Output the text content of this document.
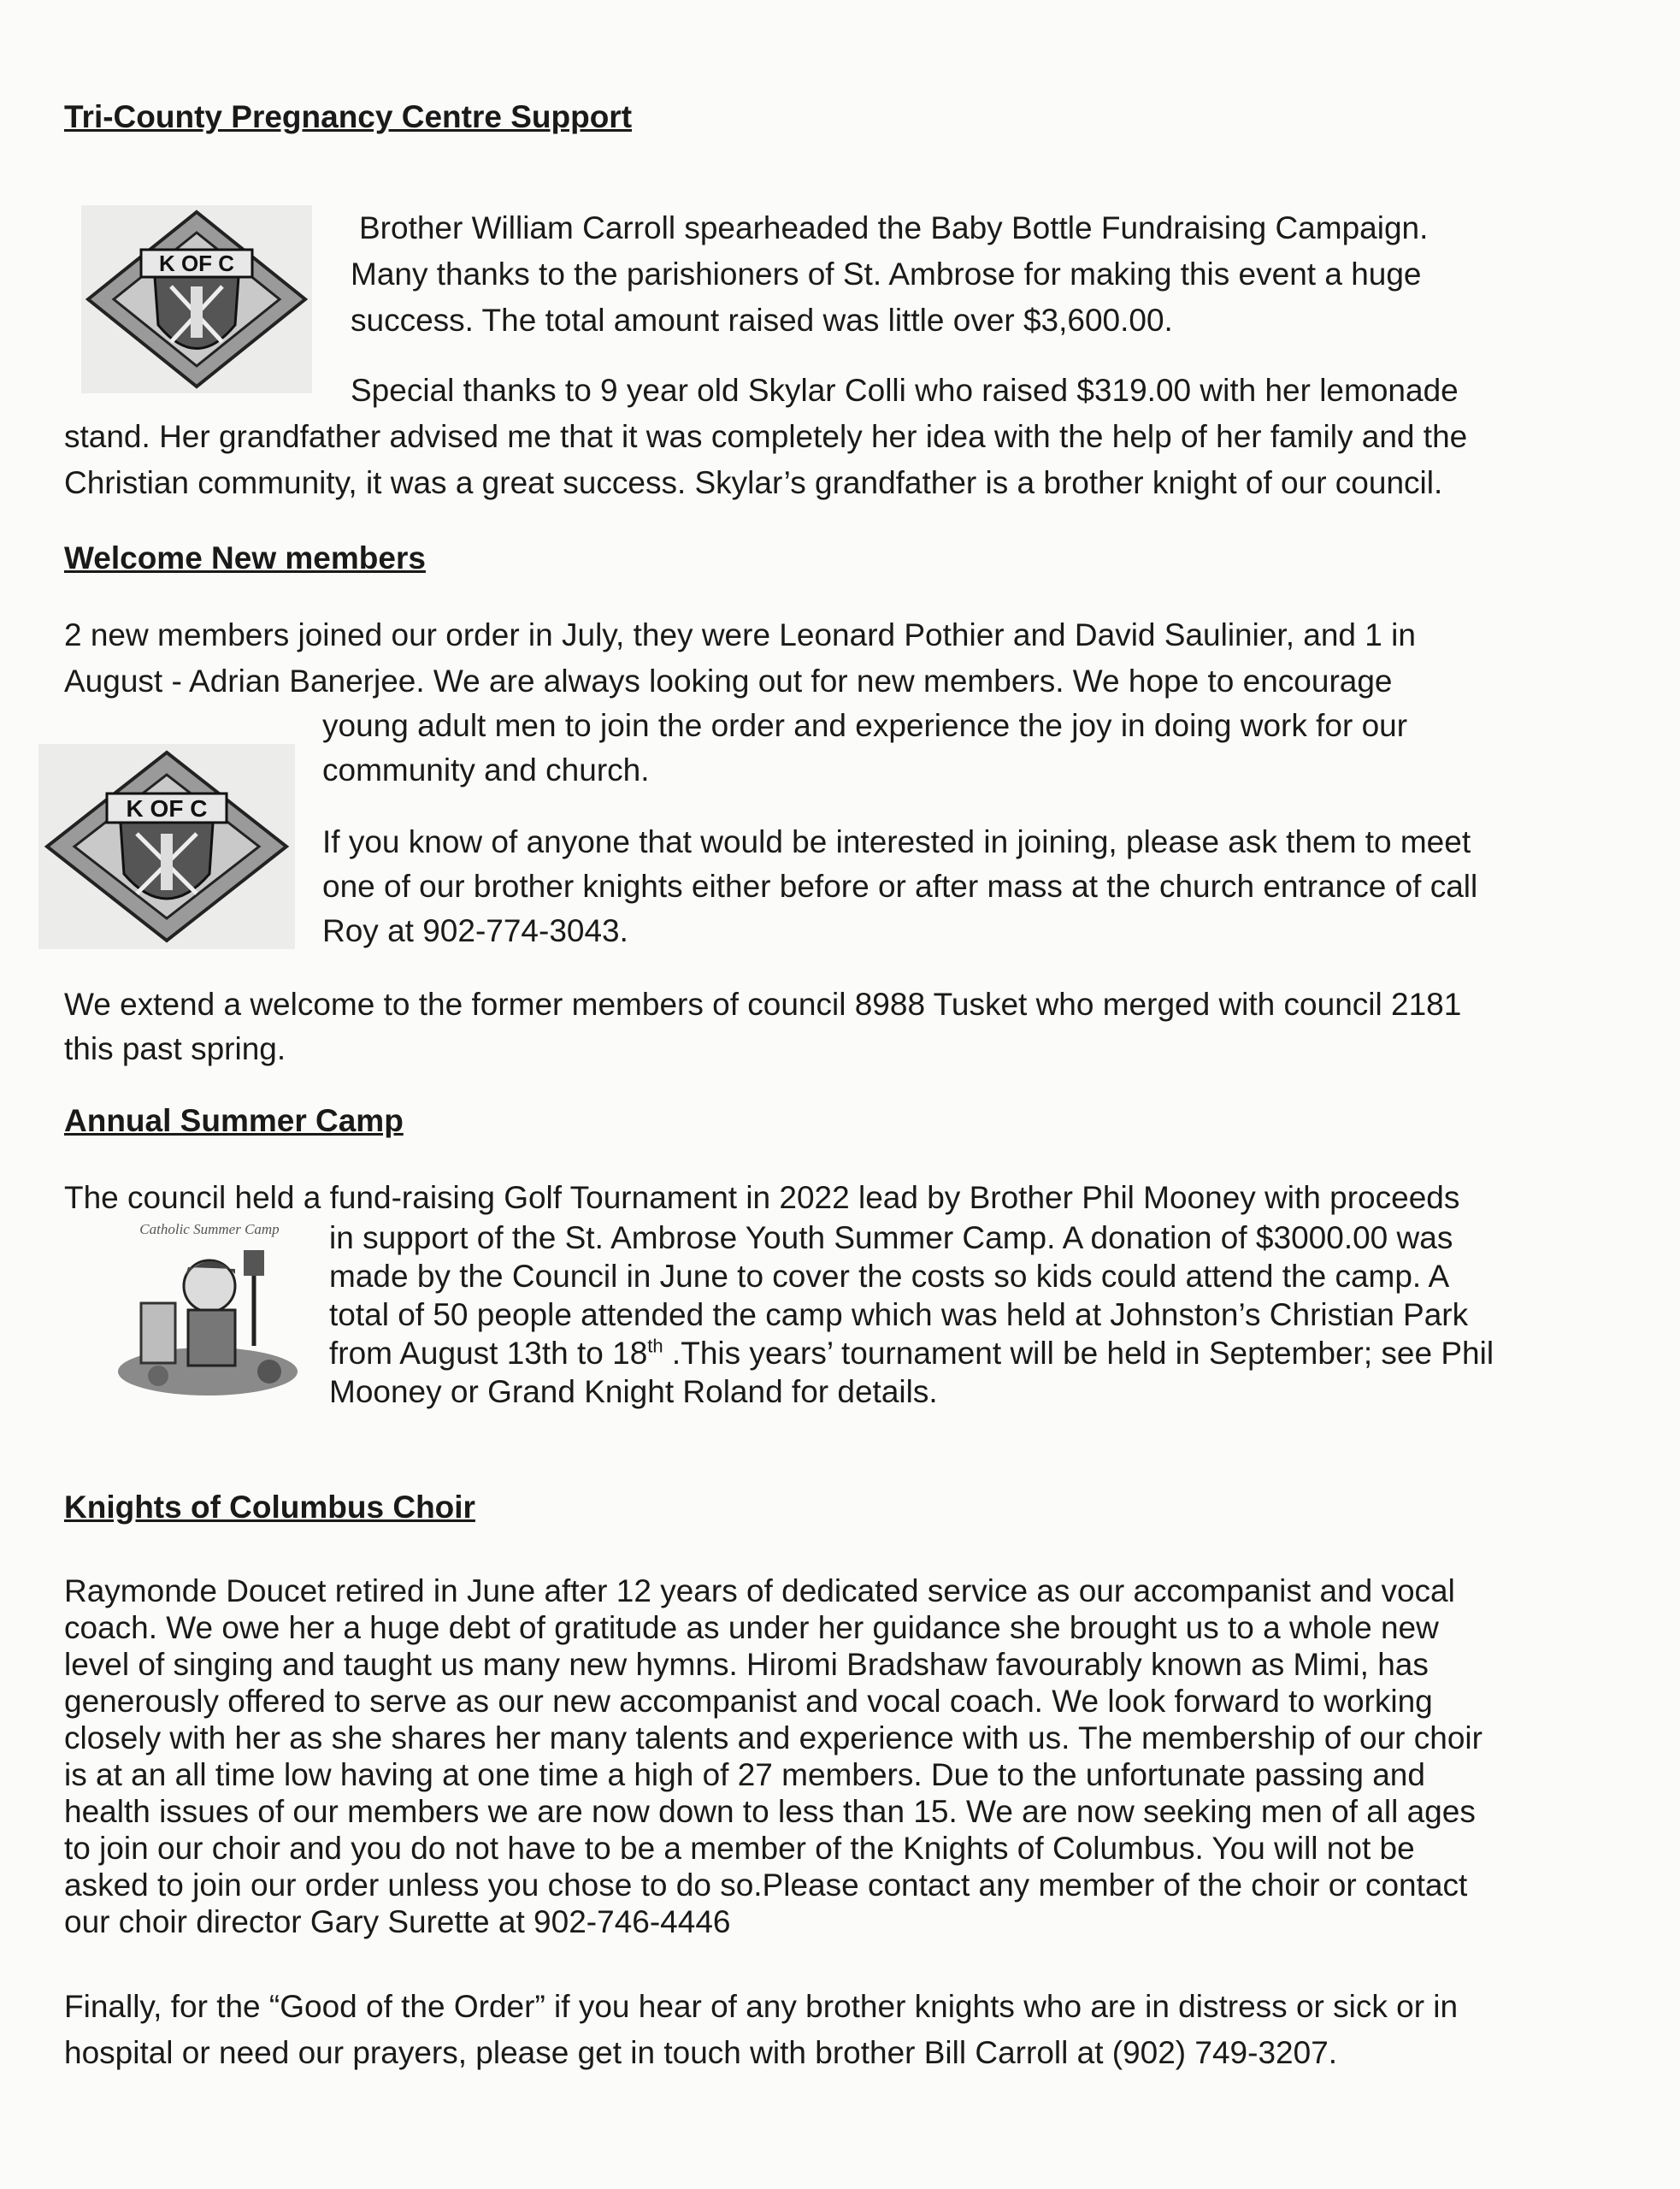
Tri-County Pregnancy Centre Support
K OF C
Brother William Carroll spearheaded the Baby Bottle Fundraising Campaign.
Many thanks to the parishioners of St. Ambrose for making this event a huge
success. The total amount raised was little over $3,600.00.
Special thanks to 9 year old Skylar Colli who raised $319.00 with her lemonade
stand. Her grandfather advised me that it was completely her idea with the help of her family and the
Christian community, it was a great success. Skylar’s grandfather is a brother knight of our council.
Welcome New members
2 new members joined our order in July, they were Leonard Pothier and David Saulinier, and 1 in
August - Adrian Banerjee. We are always looking out for new members. We hope to encourage
young adult men to join the order and experience the joy in doing work for our
community and church.
K OF C
If you know of anyone that would be interested in joining, please ask them to meet
one of our brother knights either before or after mass at the church entrance of call
Roy at 902-774-3043.
We extend a welcome to the former members of council 8988 Tusket who merged with council 2181
this past spring.
Annual Summer Camp
The council held a fund-raising Golf Tournament in 2022 lead by Brother Phil Mooney with proceeds
Catholic Summer Camp	in support of the St. Ambrose Youth Summer Camp. A donation of $3000.00 was
made by the Council in June to cover the costs so kids could attend the camp. A
total of 50 people attended the camp which was held at Johnston’s Christian Park
from August 13th to 18th .This years’ tournament will be held in September; see Phil
Mooney or Grand Knight Roland for details.
Knights of Columbus Choir
Raymonde Doucet retired in June after 12 years of dedicated service as our accompanist and vocal
coach. We owe her a huge debt of gratitude as under her guidance she brought us to a whole new
level of singing and taught us many new hymns. Hiromi Bradshaw favourably known as Mimi, has
generously offered to serve as our new accompanist and vocal coach. We look forward to working
closely with her as she shares her many talents and experience with us. The membership of our choir
is at an all time low having at one time a high of 27 members. Due to the unfortunate passing and
health issues of our members we are now down to less than 15. We are now seeking men of all ages
to join our choir and you do not have to be a member of the Knights of Columbus. You will not be
asked to join our order unless you chose to do so.Please contact any member of the choir or contact
our choir director Gary Surette at 902-746-4446
Finally, for the “Good of the Order” if you hear of any brother knights who are in distress or sick or in
hospital or need our prayers, please get in touch with brother Bill Carroll at (902) 749-3207.
